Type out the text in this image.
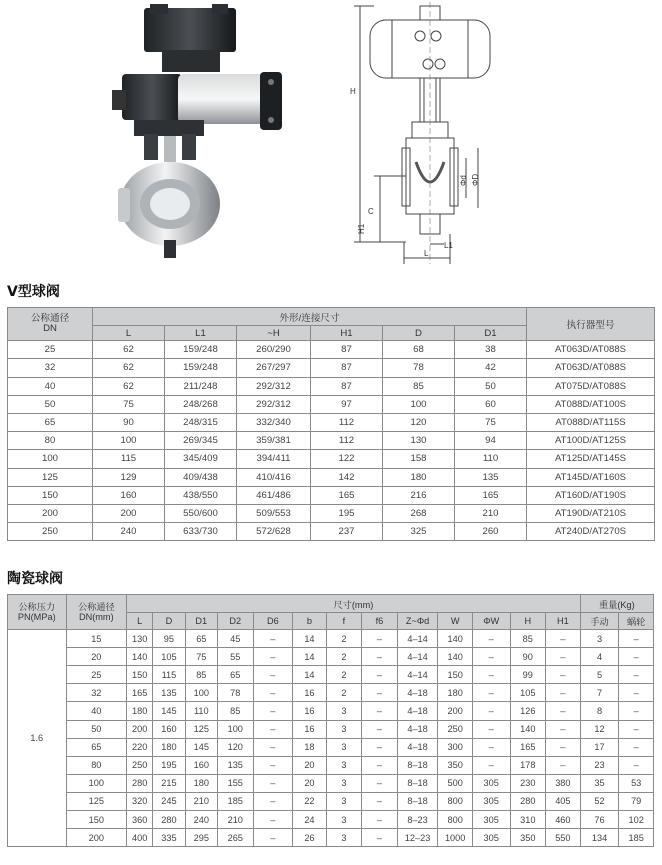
H
C
Φd ΦD
L1
L
H1
V型球阀
公称通径
DN	外形/连接尺寸						执行器型号
	L	L1	~H	H1	D	D1	
25	62	159/248	260/290	87	68	38	AT063D/AT088S
32	62	159/248	267/297	87	78	42	AT063D/AT088S
40	62	211/248	292/312	87	85	50	AT075D/AT088S
50	75	248/268	292/312	97	100	60	AT088D/AT100S
65	90	248/315	332/340	112	120	75	AT088D/AT115S
80	100	269/345	359/381	112	130	94	AT100D/AT125S
100	115	345/409	394/411	122	158	110	AT125D/AT145S
125	129	409/438	410/416	142	180	135	AT145D/AT160S
150	160	438/550	461/486	165	216	165	AT160D/AT190S
200	200	550/600	509/553	195	268	210	AT190D/AT210S
250	240	633/730	572/628	237	325	260	AT240D/AT270S
陶瓷球阀
公称压力
PN(MPa)	公称通径
DN(mm)	尺寸(mm)													重量(Kg)	
		L	D	D1	D2	D6	b	f	f6	Z~Φd	W	ΦW	H	H1	手动	蜗轮
1.6	15	130	95	65	45	–	14	2	–	4–14	140	–	85	–	3	–
	20	140	105	75	55	–	14	2	–	4–14	140	–	90	–	4	–
	25	150	115	85	65	–	14	2	–	4–14	150	–	99	–	5	–
	32	165	135	100	78	–	16	2	–	4–18	180	–	105	–	7	–
	40	180	145	110	85	–	16	3	–	4–18	200	–	126	–	8	–
	50	200	160	125	100	–	16	3	–	4–18	250	–	140	–	12	–
	65	220	180	145	120	–	18	3	–	4–18	300	–	165	–	17	–
	80	250	195	160	135	–	20	3	–	8–18	350	–	178	–	23	–
	100	280	215	180	155	–	20	3	–	8–18	500	305	230	380	35	53
	125	320	245	210	185	–	22	3	–	8–18	800	305	280	405	52	79
	150	360	280	240	210	–	24	3	–	8–23	800	305	310	460	76	102
	200	400	335	295	265	–	26	3	–	12–23	1000	305	350	550	134	185
